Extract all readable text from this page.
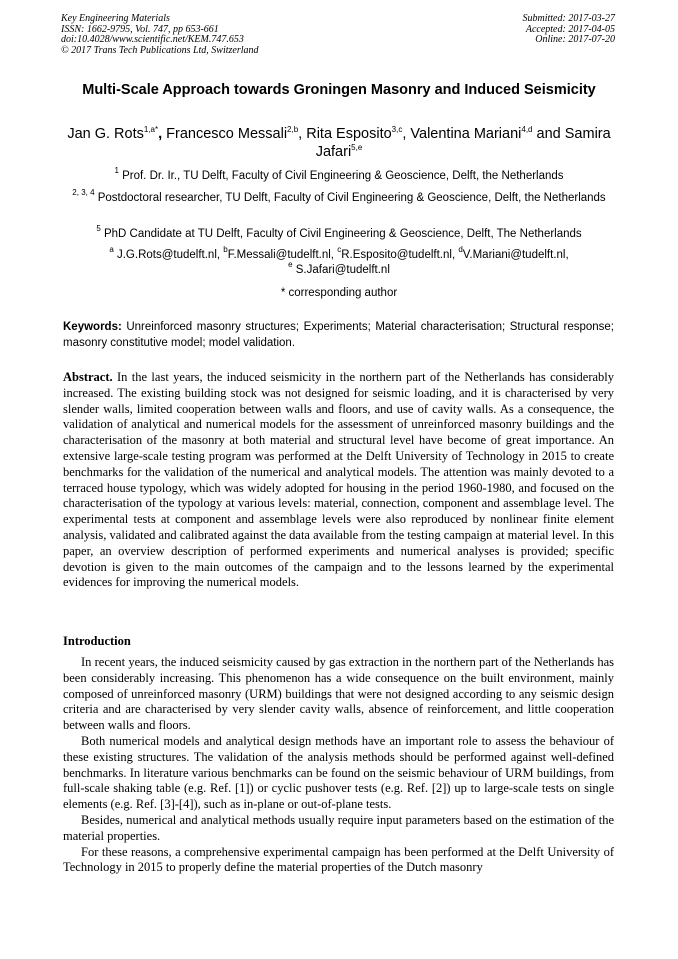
Key Engineering Materials
ISSN: 1662-9795, Vol. 747, pp 653-661
doi:10.4028/www.scientific.net/KEM.747.653
© 2017 Trans Tech Publications Ltd, Switzerland
Submitted: 2017-03-27
Accepted: 2017-04-05
Online: 2017-07-20
Multi-Scale Approach towards Groningen Masonry and Induced Seismicity
Jan G. Rots$^{1,a*}$, Francesco Messali$^{2,b}$, Rita Esposito$^{3,c}$, Valentina Mariani$^{4,d}$ and Samira Jafari$^{5,e}$
$^1$ Prof. Dr. Ir., TU Delft, Faculty of Civil Engineering & Geoscience, Delft, the Netherlands
$^{2, 3, 4}$ Postdoctoral researcher, TU Delft, Faculty of Civil Engineering & Geoscience, Delft, the Netherlands
$^5$ PhD Candidate at TU Delft, Faculty of Civil Engineering & Geoscience, Delft, The Netherlands
$^a$ J.G.Rots@tudelft.nl, $^b$F.Messali@tudelft.nl, $^c$R.Esposito@tudelft.nl, $^d$V.Mariani@tudelft.nl,
$^e$ S.Jafari@tudelft.nl
* corresponding author
Keywords: Unreinforced masonry structures; Experiments; Material characterisation; Structural response; masonry constitutive model; model validation.
Abstract. In the last years, the induced seismicity in the northern part of the Netherlands has considerably increased. The existing building stock was not designed for seismic loading, and it is characterised by very slender walls, limited cooperation between walls and floors, and use of cavity walls. As a consequence, the validation of analytical and numerical models for the assessment of unreinforced masonry buildings and the characterisation of the masonry at both material and structural level have become of great importance. An extensive large-scale testing program was performed at the Delft University of Technology in 2015 to create benchmarks for the validation of the numerical and analytical models. The attention was mainly devoted to a terraced house typology, which was widely adopted for housing in the period 1960-1980, and focused on the characterisation of the typology at various levels: material, connection, component and assemblage level. The experimental tests at component and assemblage levels were also reproduced by nonlinear finite element analysis, validated and calibrated against the data available from the testing campaign at material level. In this paper, an overview description of performed experiments and numerical analyses is provided; specific devotion is given to the main outcomes of the campaign and to the lessons learned by the experimental evidences for improving the numerical models.
Introduction

In recent years, the induced seismicity caused by gas extraction in the northern part of the Netherlands has been considerably increasing. This phenomenon has a wide consequence on the built environment, mainly composed of unreinforced masonry (URM) buildings that were not designed according to any seismic design criteria and are characterised by very slender cavity walls, absence of reinforcement, and little cooperation between walls and floors.

Both numerical models and analytical design methods have an important role to assess the behaviour of these existing structures. The validation of the analysis methods should be performed against well-defined benchmarks. In literature various benchmarks can be found on the seismic behaviour of URM buildings, from full-scale shaking table (e.g. Ref. [1]) or cyclic pushover tests (e.g. Ref. [2]) up to large-scale tests on single elements (e.g. Ref. [3]-[4]), such as in-plane or out-of-plane tests.

Besides, numerical and analytical methods usually require input parameters based on the estimation of the material properties.

For these reasons, a comprehensive experimental campaign has been performed at the Delft University of Technology in 2015 to properly define the material properties of the Dutch masonry
